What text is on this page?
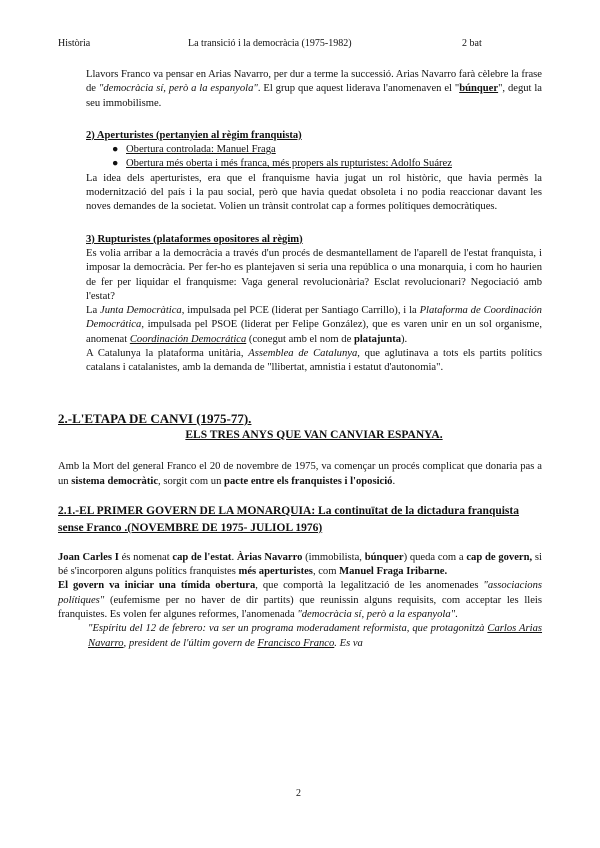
Història	La transició i la democràcia (1975-1982)	2 bat

Llavors Franco va pensar en Arias Navarro, per dur a terme la successió. Arias Navarro farà cèlebre la frase de "democràcia sí, però a la espanyola". El grup que aquest liderava l'anomenaven el "búnquer", degut la seu immobilisme.

2) Aperturistes (pertanyien al règim franquista)
● Obertura controlada: Manuel Fraga
● Obertura més oberta i més franca, més propers als rupturistes: Adolfo Suárez

La idea dels aperturistes, era que el franquisme havia jugat un rol històric, que havia permès la modernització del país i la pau social, però que havia quedat obsoleta i no podia reaccionar davant les noves demandes de la societat. Volien un trànsit controlat cap a formes polítiques democràtiques.

3) Rupturistes (plataformes opositores al règim)

Es volia arribar a la democràcia a través d'un procés de desmantellament de l'aparell de l'estat franquista, i imposar la democràcia. Per fer-ho es plantejaven si seria una república o una monarquia, i com ho haurien de fer per liquidar el franquisme: Vaga general revolucionària? Esclat revolucionari? Negociació amb l'estat?

La Junta Democràtica, impulsada pel PCE (liderat per Santiago Carrillo), i la Plataforma de Coordinación Democrática, impulsada pel PSOE (liderat per Felipe González), que es varen unir en un sol organisme, anomenat Coordinación Democrática (conegut amb el nom de platajunta).

A Catalunya la plataforma unitària, Assemblea de Catalunya, que aglutinava a tots els partits polítics catalans i catalanistes, amb la demanda de "llibertat, amnistia i estatut d'autonomia".

2.-L'ETAPA DE CANVI (1975-77).
ELS TRES ANYS QUE VAN CANVIAR ESPANYA.

Amb la Mort del general Franco el 20 de novembre de 1975, va començar un procés complicat que donaria pas a un sistema democràtic, sorgit com un pacte entre els franquistes i l'oposició.

2.1.-EL PRIMER GOVERN DE LA MONARQUIA: La continuïtat de la dictadura franquista sense Franco .(NOVEMBRE DE 1975- JULIOL 1976)

Joan Carles I és nomenat cap de l'estat. Àrias Navarro (immobilista, búnquer) queda com a cap de govern, si bé s'incorporen alguns polítics franquistes més aperturistes, com Manuel Fraga Iribarne.

El govern va iniciar una tímida obertura, que comportà la legalització de les anomenades "associacions polítiques" (eufemisme per no haver de dir partits) que reunissin alguns requisits, com acceptar les lleis franquistes. Es volen fer algunes reformes, l'anomenada "democràcia sí, però a la espanyola".

"Espíritu del 12 de febrero: va ser un programa moderadament reformista, que protagonitzà Carlos Arias Navarro, president de l'últim govern de Francisco Franco. Es va

2
